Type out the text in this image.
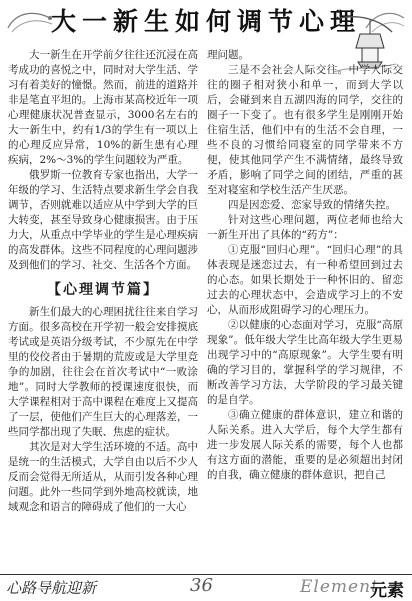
大一新生如何调节心理

大一新生在开学前夕往往还沉浸在高考成功的喜悦之中，同时对大学生活、学习有着美好的憧憬。然而，前进的道路并非是笔直平坦的。上海市某高校近年一项心理健康状况普查显示，3000名左右的大一新生中，约有1/3的学生有一项以上的心理反应异常，10%的新生患有心理疾病，2%～3%的学生问题较为严重。

俄罗斯一位教育专家也指出，大学一年级的学习、生活特点要求新生学会自我调节，否则就难以适应从中学到大学的巨大转变，甚至导致身心健康损害。由于压力大，从重点中学毕业的学生是心理疾病的高发群体。这些不同程度的心理问题涉及到他们的学习、社交、生活各个方面。

【心理调节篇】

新生们最大的心理困扰往往来自学习方面。很多高校在开学初一般会安排摸底考试或是英语分级考试，不少原先在中学里的佼佼者由于暑期的荒废或是大学里竞争的加剧，往往会在首次考试中“一败涂地”。同时大学教师的授课速度很快，而大学课程相对于高中课程在难度上又提高了一层，使他们产生巨大的心理落差，一些同学都出现了失眠、焦虑的症状。

其次是对大学生活环境的不适。高中是统一的生活模式，大学自由以后不少人反而会觉得无所适从，从而引发各种心理问题。此外一些同学到外地高校就读，地域观念和语言的障碍成了他们的一大心

理问题。

三是不会社会人际交往。中学人际交往的圈子相对狭小和单一，而到大学以后，会碰到来自五湖四海的同学，交往的圈子一下变了。也有很多学生是刚刚开始住宿生活，他们中有的生活不会自理，一些不良的习惯给同寝室的同学带来不方便，使其他同学产生不满情绪，最终导致矛盾，影响了同学之间的团结，严重的甚至对寝室和学校生活产生厌恶。

四是因恋爱、恋家导致的情绪失控。

针对这些心理问题，两位老师也给大一新生开出了具体的“药方”：

①克服“回归心理”。“回归心理”的具体表现是迷恋过去，有一种希望回到过去的心态。如果长期处于一种怀旧的、留恋过去的心理状态中，会造成学习上的不安心，从而形成阻碍学习的心理压力。

②以健康的心态面对学习，克服“高原现象”。低年级大学生比高年级大学生更易出现学习中的“高原现象”。大学生要有明确的学习目的，掌握科学的学习规律，不断改善学习方法，大学阶段的学习最关键的是自学。

③确立健康的群体意识，建立和谐的人际关系。进入大学后，每个大学生都有进一步发展人际关系的需要，每个人也都有这方面的潜能，重要的是必须超出封闭的自我，确立健康的群体意识，把自己

心路导航迎新	36	Element
元素
